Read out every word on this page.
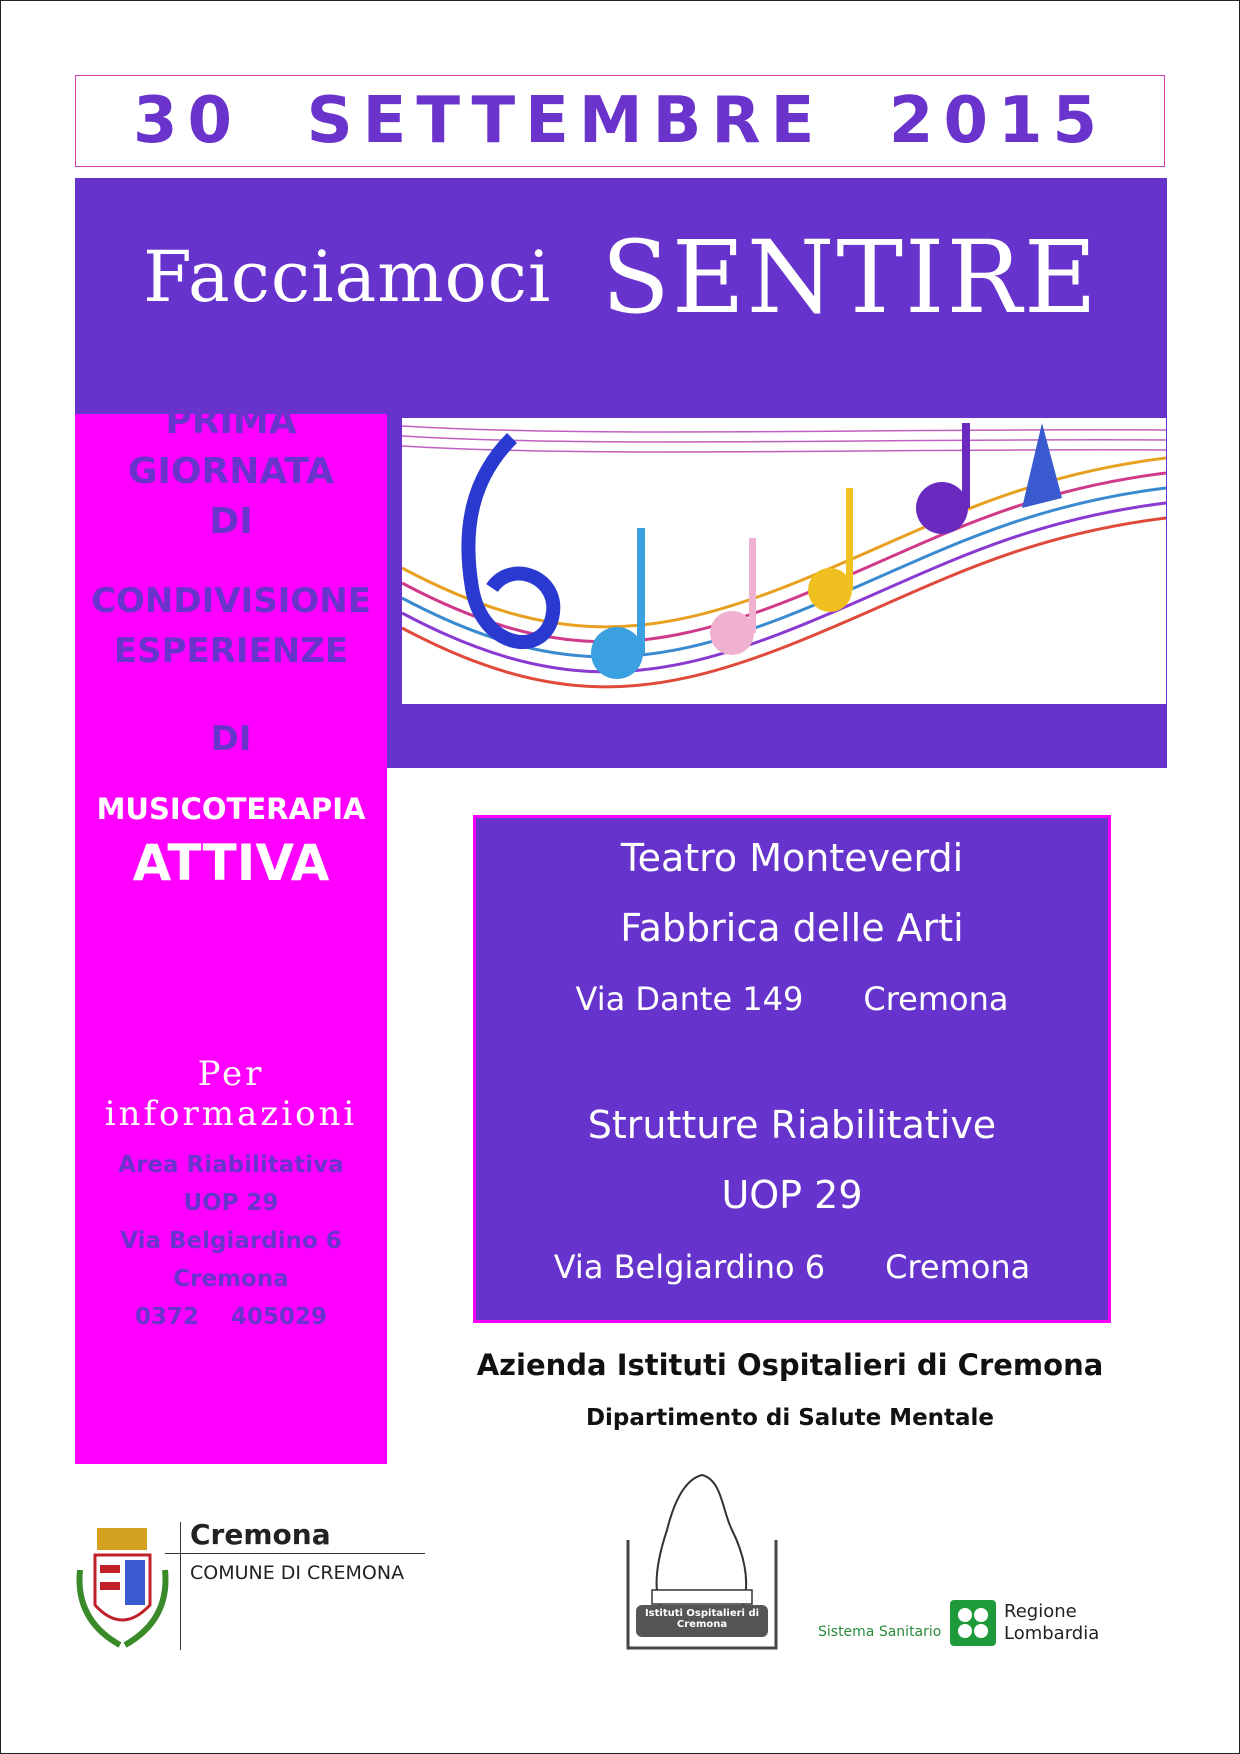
30  SETTEMBRE  2015
Facciamoci SENTIRE
PRIMA
GIORNATA
DI
CONDIVISIONE
ESPERIENZE
DI
MUSICOTERAPIA
ATTIVA
Per informazioni
Area Riabilitativa
UOP 29
Via Belgiardino 6
Cremona
0372    405029
Teatro Monteverdi
Fabbrica delle Arti
Via Dante 149 Cremona
Strutture Riabilitative
UOP 29
Via Belgiardino 6 Cremona
Azienda Istituti Ospitalieri di Cremona
Dipartimento di Salute Mentale
Cremona
COMUNE DI CREMONA
Istituti Ospitalieri di Cremona	Sistema Sanitario
Regione
Lombardia
